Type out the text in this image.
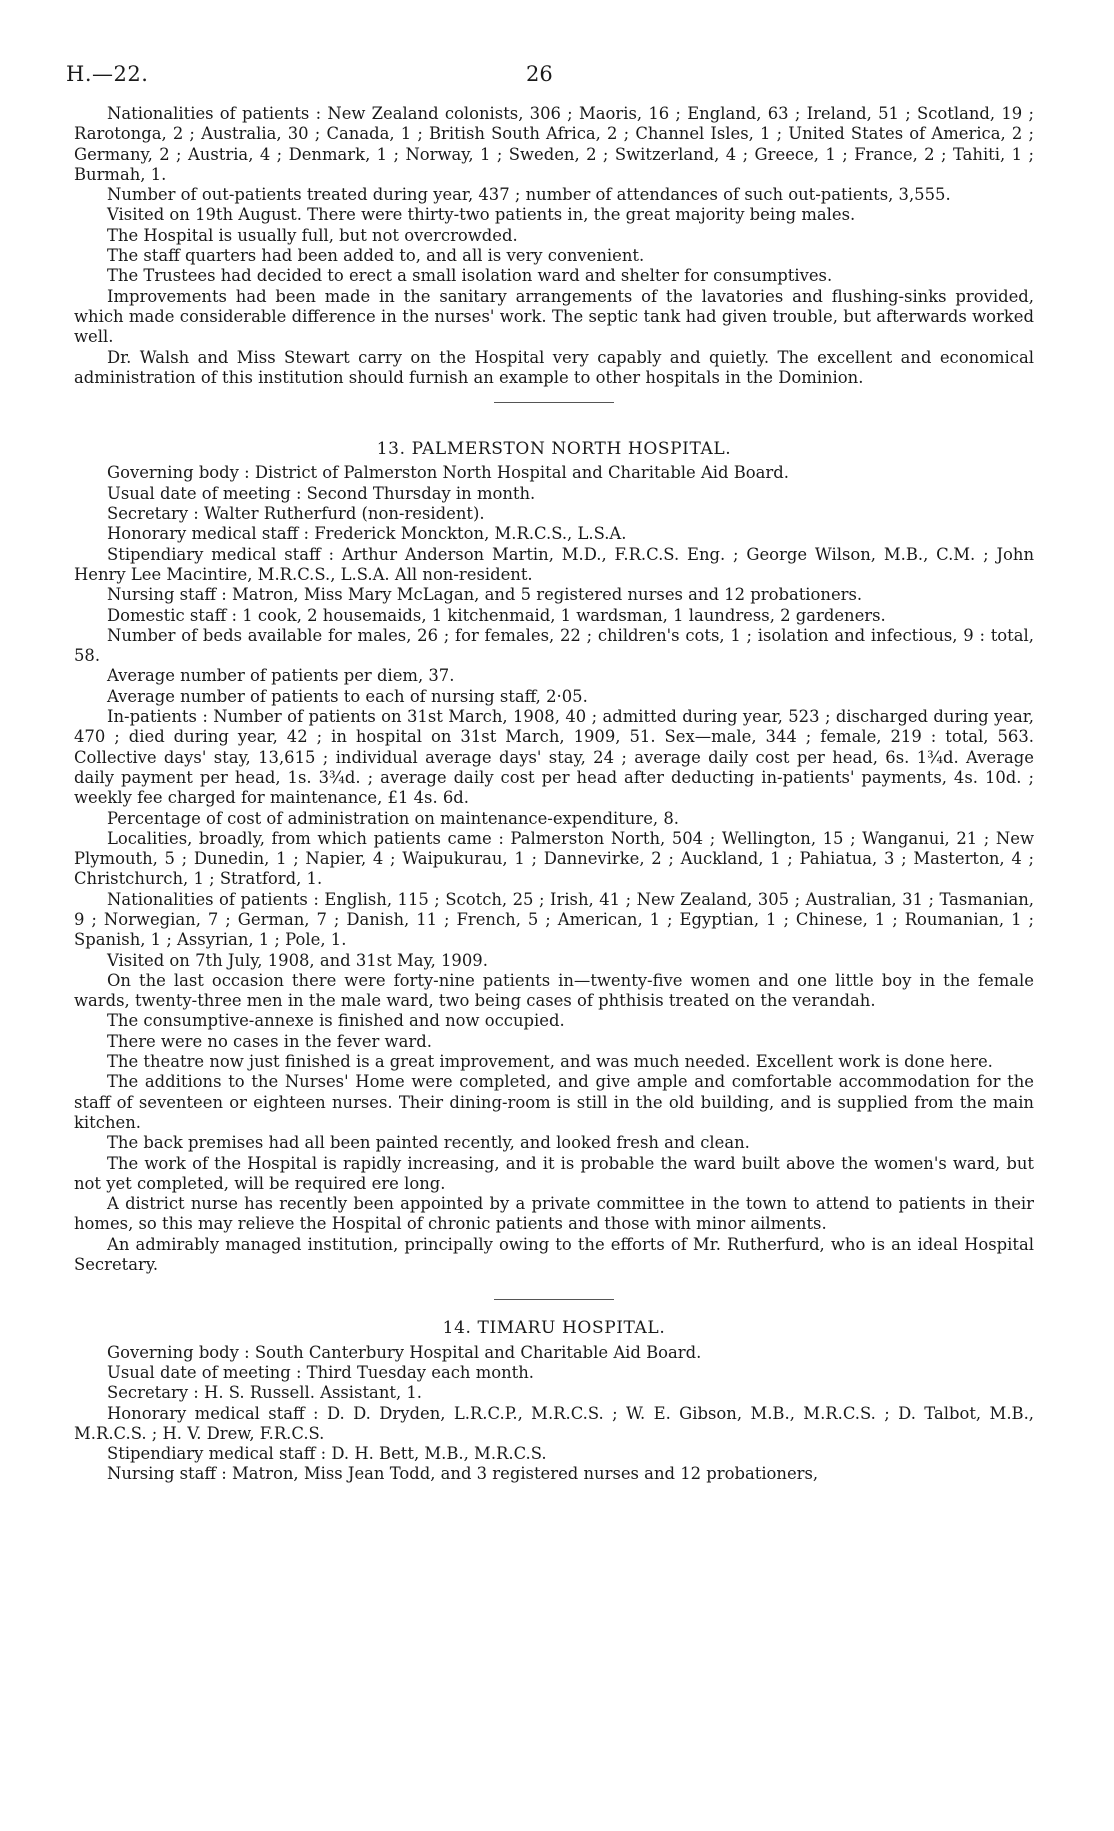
H.—22.	26

Nationalities of patients : New Zealand colonists, 306 ; Maoris, 16 ; England, 63 ; Ireland, 51 ; Scotland, 19 ; Rarotonga, 2 ; Australia, 30 ; Canada, 1 ; British South Africa, 2 ; Channel Isles, 1 ; United States of America, 2 ; Germany, 2 ; Austria, 4 ; Denmark, 1 ; Norway, 1 ; Sweden, 2 ; Switzerland, 4 ; Greece, 1 ; France, 2 ; Tahiti, 1 ; Burmah, 1.

Number of out-patients treated during year, 437 ; number of attendances of such out-patients, 3,555.

Visited on 19th August. There were thirty-two patients in, the great majority being males.

The Hospital is usually full, but not overcrowded.

The staff quarters had been added to, and all is very convenient.

The Trustees had decided to erect a small isolation ward and shelter for consumptives.

Improvements had been made in the sanitary arrangements of the lavatories and flushing-sinks provided, which made considerable difference in the nurses' work. The septic tank had given trouble, but afterwards worked well.

Dr. Walsh and Miss Stewart carry on the Hospital very capably and quietly. The excellent and economical administration of this institution should furnish an example to other hospitals in the Dominion.

13. PALMERSTON NORTH HOSPITAL.

Governing body : District of Palmerston North Hospital and Charitable Aid Board.

Usual date of meeting : Second Thursday in month.

Secretary : Walter Rutherfurd (non-resident).

Honorary medical staff : Frederick Monckton, M.R.C.S., L.S.A.

Stipendiary medical staff : Arthur Anderson Martin, M.D., F.R.C.S. Eng. ; George Wilson, M.B., C.M. ; John Henry Lee Macintire, M.R.C.S., L.S.A. All non-resident.

Nursing staff : Matron, Miss Mary McLagan, and 5 registered nurses and 12 probationers.

Domestic staff : 1 cook, 2 housemaids, 1 kitchenmaid, 1 wardsman, 1 laundress, 2 gardeners.

Number of beds available for males, 26 ; for females, 22 ; children's cots, 1 ; isolation and infectious, 9 : total, 58.

Average number of patients per diem, 37.

Average number of patients to each of nursing staff, 2·05.

In-patients : Number of patients on 31st March, 1908, 40 ; admitted during year, 523 ; discharged during year, 470 ; died during year, 42 ; in hospital on 31st March, 1909, 51. Sex—male, 344 ; female, 219 : total, 563. Collective days' stay, 13,615 ; individual average days' stay, 24 ; average daily cost per head, 6s. 1¾d. Average daily payment per head, 1s. 3¾d. ; average daily cost per head after deducting in-patients' payments, 4s. 10d. ; weekly fee charged for maintenance, £1 4s. 6d.

Percentage of cost of administration on maintenance-expenditure, 8.

Localities, broadly, from which patients came : Palmerston North, 504 ; Wellington, 15 ; Wanganui, 21 ; New Plymouth, 5 ; Dunedin, 1 ; Napier, 4 ; Waipukurau, 1 ; Dannevirke, 2 ; Auckland, 1 ; Pahiatua, 3 ; Masterton, 4 ; Christchurch, 1 ; Stratford, 1.

Nationalities of patients : English, 115 ; Scotch, 25 ; Irish, 41 ; New Zealand, 305 ; Australian, 31 ; Tasmanian, 9 ; Norwegian, 7 ; German, 7 ; Danish, 11 ; French, 5 ; American, 1 ; Egyptian, 1 ; Chinese, 1 ; Roumanian, 1 ; Spanish, 1 ; Assyrian, 1 ; Pole, 1.

Visited on 7th July, 1908, and 31st May, 1909.

On the last occasion there were forty-nine patients in—twenty-five women and one little boy in the female wards, twenty-three men in the male ward, two being cases of phthisis treated on the verandah.

The consumptive-annexe is finished and now occupied.

There were no cases in the fever ward.

The theatre now just finished is a great improvement, and was much needed. Excellent work is done here.

The additions to the Nurses' Home were completed, and give ample and comfortable accommodation for the staff of seventeen or eighteen nurses. Their dining-room is still in the old building, and is supplied from the main kitchen.

The back premises had all been painted recently, and looked fresh and clean.

The work of the Hospital is rapidly increasing, and it is probable the ward built above the women's ward, but not yet completed, will be required ere long.

A district nurse has recently been appointed by a private committee in the town to attend to patients in their homes, so this may relieve the Hospital of chronic patients and those with minor ailments.

An admirably managed institution, principally owing to the efforts of Mr. Rutherfurd, who is an ideal Hospital Secretary.

14. TIMARU HOSPITAL.

Governing body : South Canterbury Hospital and Charitable Aid Board.

Usual date of meeting : Third Tuesday each month.

Secretary : H. S. Russell. Assistant, 1.

Honorary medical staff : D. D. Dryden, L.R.C.P., M.R.C.S. ; W. E. Gibson, M.B., M.R.C.S. ; D. Talbot, M.B., M.R.C.S. ; H. V. Drew, F.R.C.S.

Stipendiary medical staff : D. H. Bett, M.B., M.R.C.S.

Nursing staff : Matron, Miss Jean Todd, and 3 registered nurses and 12 probationers,
